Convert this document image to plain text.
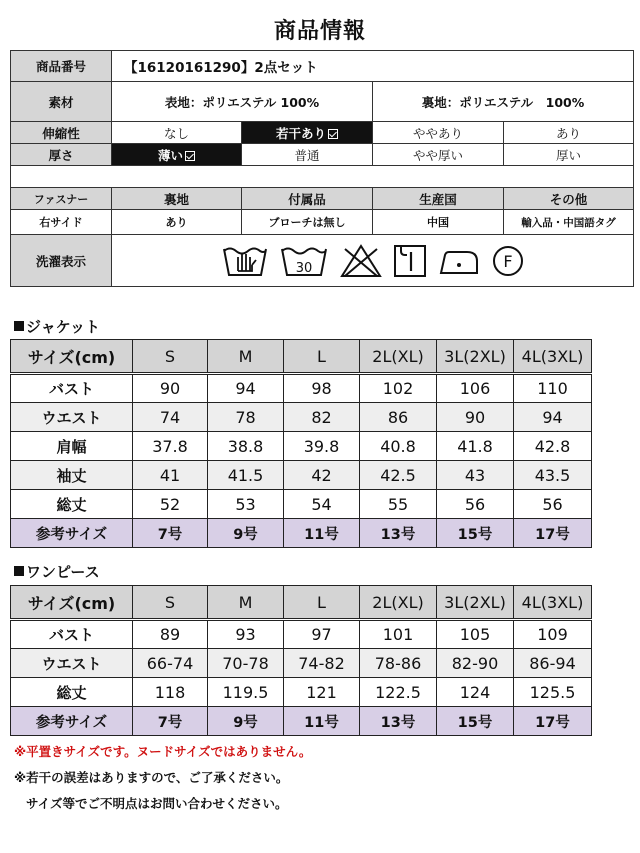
商品情報
商品番号	【16120161290】2点セット			
素材	表地：ポリエステル 100%		裏地：ポリエステル　100%	
伸縮性	なし	若干あり	ややあり	あり
厚さ	薄い	普通	やや厚い	厚い

ファスナー	裏地	付属品	生産国	その他
右サイド	あり	ブローチは無し	中国	輸入品・中国語タグ
洗濯表示	30 F			
ジャケット
サイズ(cm)	S	M	L	2L(XL)	3L(2XL)	4L(3XL)
バスト	90	94	98	102	106	110
ウエスト	74	78	82	86	90	94
肩幅	37.8	38.8	39.8	40.8	41.8	42.8
袖丈	41	41.5	42	42.5	43	43.5
総丈	52	53	54	55	56	56
参考サイズ	7号	9号	11号	13号	15号	17号
ワンピース
サイズ(cm)	S	M	L	2L(XL)	3L(2XL)	4L(3XL)
バスト	89	93	97	101	105	109
ウエスト	66-74	70-78	74-82	78-86	82-90	86-94
総丈	118	119.5	121	122.5	124	125.5
参考サイズ	7号	9号	11号	13号	15号	17号
※平置きサイズです。ヌードサイズではありません。
※若干の誤差はありますので、ご了承ください。
サイズ等でご不明点はお問い合わせください。
